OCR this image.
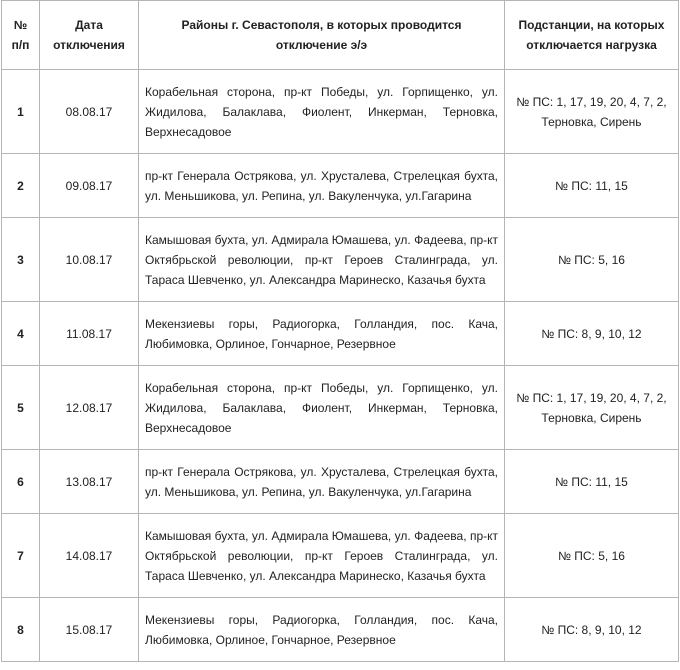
№ п/п	Дата отключения	Районы г. Севастополя, в которых проводится отключение э/э	Подстанции, на которых отключается нагрузка
1	08.08.17	Корабельная сторона, пр-кт Победы, ул. Горпищенко, ул. Жидилова, Балаклава, Фиолент, Инкерман, Терновка, Верхнесадовое	№ ПС: 1, 17, 19, 20, 4, 7, 2, Терновка, Сирень
2	09.08.17	пр-кт Генерала Острякова, ул. Хрусталева, Стрелецкая бухта, ул. Меньшикова, ул. Репина, ул. Вакуленчука, ул.Гагарина	№ ПС: 11, 15
3	10.08.17	Камышовая бухта, ул. Адмирала Юмашева, ул. Фадеева, пр-кт Октябрьской революции, пр-кт Героев Сталинграда, ул. Тараса Шевченко, ул. Александра Маринеско, Казачья бухта	№ ПС: 5, 16
4	11.08.17	Мекензиевы горы, Радиогорка, Голландия, пос. Кача, Любимовка, Орлиное, Гончарное, Резервное	№ ПС: 8, 9, 10, 12
5	12.08.17	Корабельная сторона, пр-кт Победы, ул. Горпищенко, ул. Жидилова, Балаклава, Фиолент, Инкерман, Терновка, Верхнесадовое	№ ПС: 1, 17, 19, 20, 4, 7, 2, Терновка, Сирень
6	13.08.17	пр-кт Генерала Острякова, ул. Хрусталева, Стрелецкая бухта, ул. Меньшикова, ул. Репина, ул. Вакуленчука, ул.Гагарина	№ ПС: 11, 15
7	14.08.17	Камышовая бухта, ул. Адмирала Юмашева, ул. Фадеева, пр-кт Октябрьской революции, пр-кт Героев Сталинграда, ул. Тараса Шевченко, ул. Александра Маринеско, Казачья бухта	№ ПС: 5, 16
8	15.08.17	Мекензиевы горы, Радиогорка, Голландия, пос. Кача, Любимовка, Орлиное, Гончарное, Резервное	№ ПС: 8, 9, 10, 12
